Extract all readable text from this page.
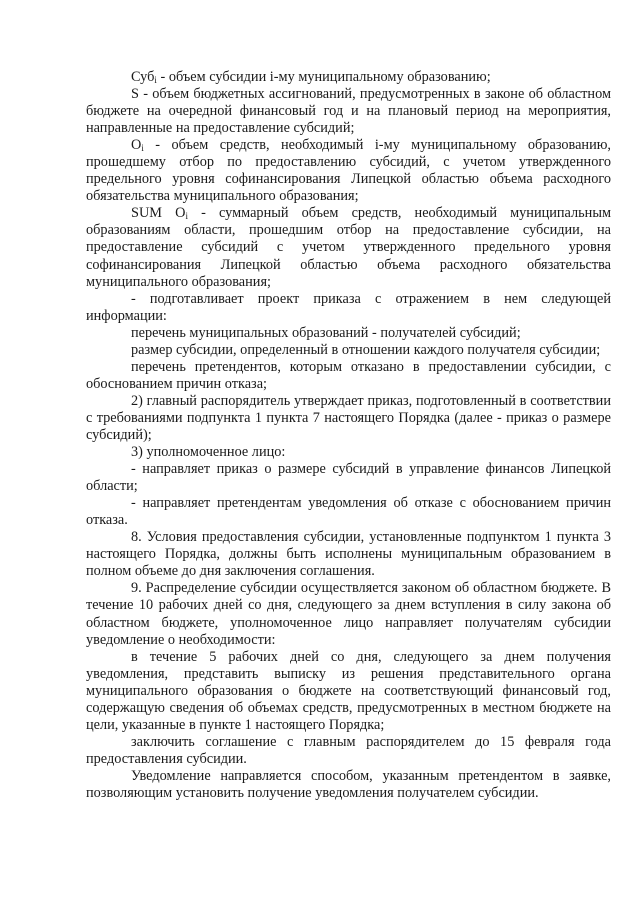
Суб$_i$ - объем субсидии i-му муниципальному образованию;

S - объем бюджетных ассигнований, предусмотренных в законе об областном бюджете на очередной финансовый год и на плановый период на мероприятия, направленные на предоставление субсидий;

$O_i$ - объем средств, необходимый i-му муниципальному образованию, прошедшему отбор по предоставлению субсидий, с учетом утвержденного предельного уровня софинансирования Липецкой областью объема расходного обязательства муниципального образования;

SUM $O_i$ - суммарный объем средств, необходимый муниципальным образованиям области, прошедшим отбор на предоставление субсидии, на предоставление субсидий с учетом утвержденного предельного уровня софинансирования Липецкой областью объема расходного обязательства муниципального образования;

- подготавливает проект приказа с отражением в нем следующей информации:

перечень муниципальных образований - получателей субсидий;

размер субсидии, определенный в отношении каждого получателя субсидии;

перечень претендентов, которым отказано в предоставлении субсидии, с обоснованием причин отказа;

2) главный распорядитель утверждает приказ, подготовленный в соответствии с требованиями подпункта 1 пункта 7 настоящего Порядка (далее - приказ о размере субсидий);

3) уполномоченное лицо:

- направляет приказ о размере субсидий в управление финансов Липецкой области;

- направляет претендентам уведомления об отказе с обоснованием причин отказа.

8. Условия предоставления субсидии, установленные подпунктом 1 пункта 3 настоящего Порядка, должны быть исполнены муниципальным образованием в полном объеме до дня заключения соглашения.

9. Распределение субсидии осуществляется законом об областном бюджете. В течение 10 рабочих дней со дня, следующего за днем вступления в силу закона об областном бюджете, уполномоченное лицо направляет получателям субсидии уведомление о необходимости:

в течение 5 рабочих дней со дня, следующего за днем получения уведомления, представить выписку из решения представительного органа муниципального образования о бюджете на соответствующий финансовый год, содержащую сведения об объемах средств, предусмотренных в местном бюджете на цели, указанные в пункте 1 настоящего Порядка;

заключить соглашение с главным распорядителем до 15 февраля года предоставления субсидии.

Уведомление направляется способом, указанным претендентом в заявке, позволяющим установить получение уведомления получателем субсидии.
